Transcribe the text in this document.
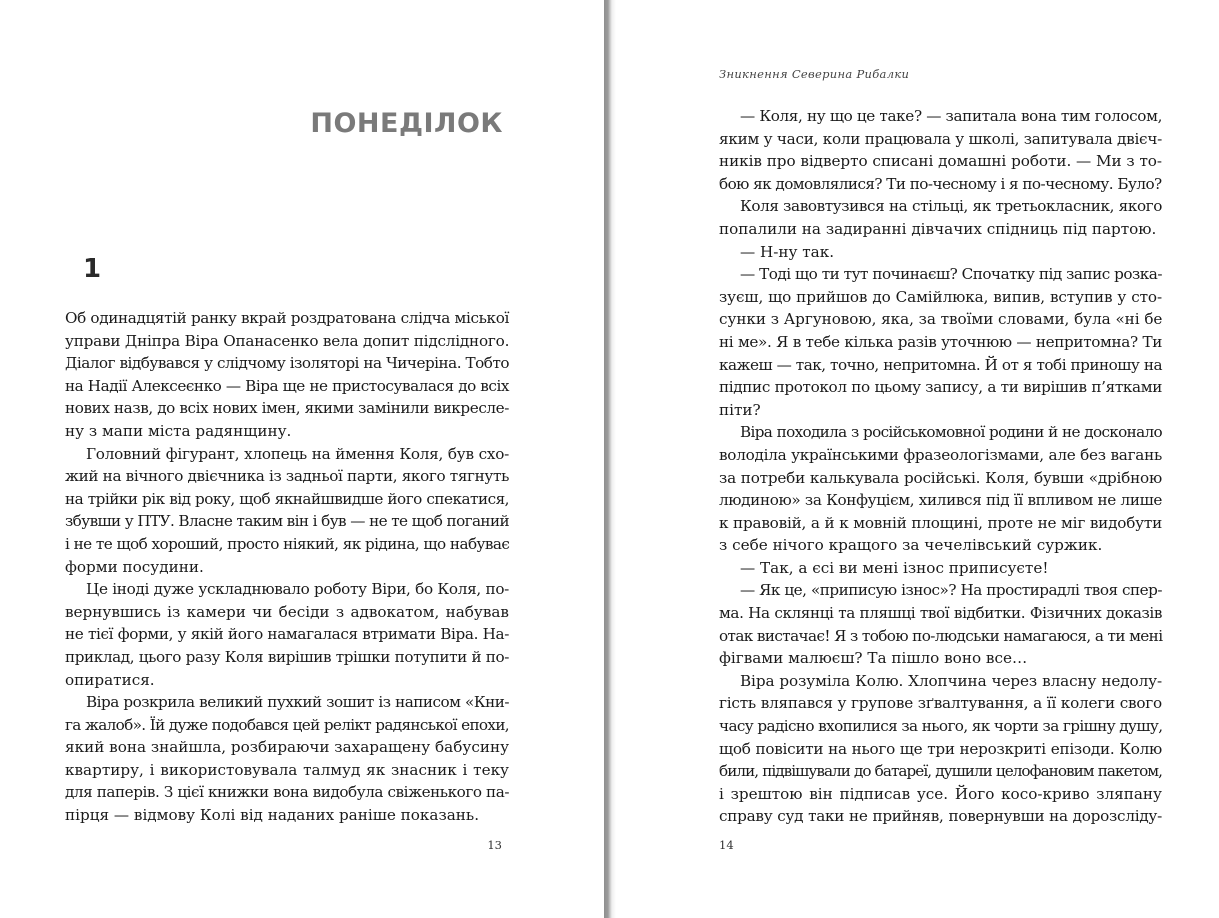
ПОНЕДІЛОК
1
Об одинадцятій ранку вкрай роздратована слідча міської
управи Дніпра Віра Опанасенко вела допит підслідного.
Діалог відбувався у слідчому ізоляторі на Чичеріна. Тобто
на Надії Алексеєнко — Віра ще не пристосувалася до всіх
нових назв, до всіх нових імен, якими замінили викресле-
ну з мапи міста радянщину.
Головний фігурант, хлопець на ймення Коля, був схо-
жий на вічного двієчника із задньої парти, якого тягнуть
на трійки рік від року, щоб якнайшвидше його спекатися,
збувши у ПТУ. Власне таким він і був — не те щоб поганий
і не те щоб хороший, просто ніякий, як рідина, що набуває
форми посудини.
Це іноді дуже ускладнювало роботу Віри, бо Коля, по-
вернувшись із камери чи бесіди з адвокатом, набував
не тієї форми, у якій його намагалася втримати Віра. На-
приклад, цього разу Коля вирішив трішки потупити й по-
опиратися.
Віра розкрила великий пухкий зошит із написом «Кни-
га жалоб». Їй дуже подобався цей релікт радянської епохи,
який вона знайшла, розбираючи захаращену бабусину
квартиру, і використовувала талмуд як знасник і теку
для паперів. З цієї книжки вона видобула свіженького па-
пірця — відмову Колі від наданих раніше показань.
13
Зникнення Северина Рибалки
— Коля, ну що це таке? — запитала вона тим голосом,
яким у часи, коли працювала у школі, запитувала двієч-
ників про відверто списані домашні роботи. — Ми з то-
бою як домовлялися? Ти по-чесному і я по-чесному. Було?
Коля завовтузився на стільці, як третьокласник, якого
попалили на задиранні дівчачих спідниць під партою.
— Н-ну так.
— Тоді що ти тут починаєш? Спочатку під запис розка-
зуєш, що прийшов до Самійлюка, випив, вступив у сто-
сунки з Аргуновою, яка, за твоїми словами, була «ні бе
ні ме». Я в тебе кілька разів уточнюю — непритомна? Ти
кажеш — так, точно, непритомна. Й от я тобі приношу на
підпис протокол по цьому запису, а ти вирішив п’ятками
піти?
Віра походила з російськомовної родини й не досконало
володіла українськими фразеологізмами, але без вагань
за потреби калькувала російські. Коля, бувши «дрібною
людиною» за Конфуцієм, хилився під її впливом не лише
к правовій, а й к мовній площині, проте не міг видобути
з себе нічого кращого за чечелівський суржик.
— Так, а єсі ви мені ізнос приписуєте!
— Як це, «приписую ізнос»? На простирадлі твоя спер-
ма. На склянці та пляшці твої відбитки. Фізичних доказів
отак вистачає! Я з тобою по-людськи намагаюся, а ти мені
фігвами малюєш? Та пішло воно все…
Віра розуміла Колю. Хлопчина через власну недолу-
гість вляпався у групове зґвалтування, а її колеги свого
часу радісно вхопилися за нього, як чорти за грішну душу,
щоб повісити на нього ще три нерозкриті епізоди. Колю
били, підвішували до батареї, душили целофановим пакетом,
і зрештою він підписав усе. Його косо-криво зляпану
справу суд таки не прийняв, повернувши на дорозсліду-
14
